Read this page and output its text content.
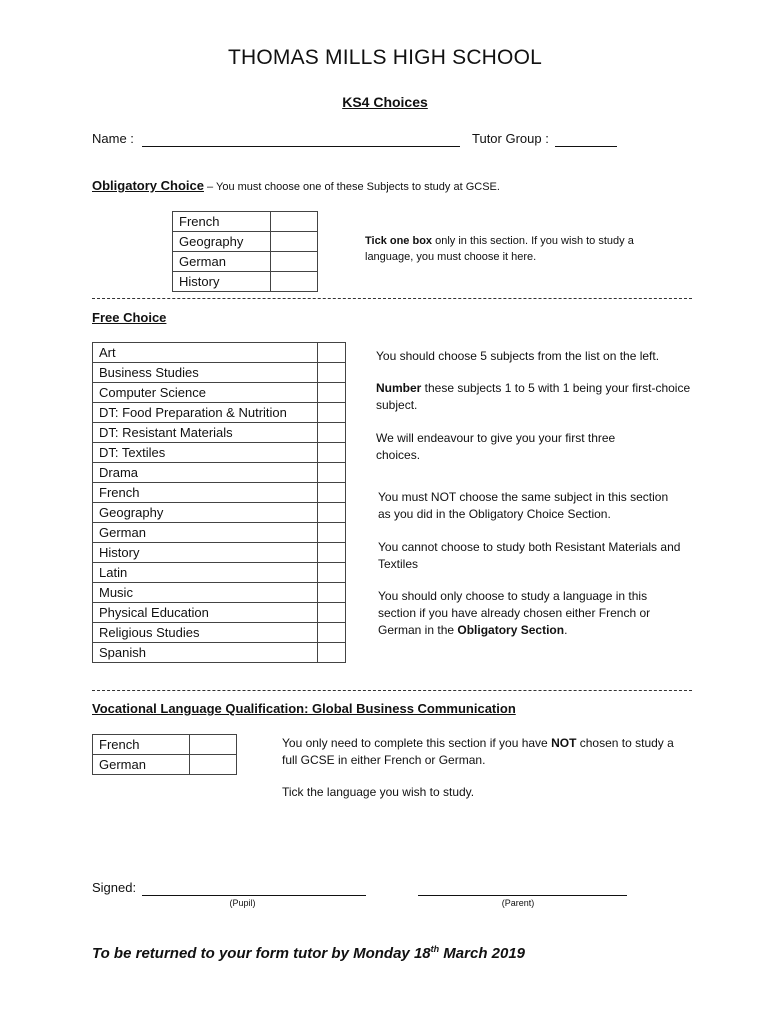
THOMAS MILLS HIGH SCHOOL
KS4 Choices
Name :	Tutor Group :
Obligatory Choice – You must choose one of these Subjects to study at GCSE.
French	
Geography	
German	
History	
Tick one box only in this section. If you wish to study a language, you must choose it here.
Free Choice
Art	
Business Studies	
Computer Science	
DT: Food Preparation & Nutrition	
DT: Resistant Materials	
DT: Textiles	
Drama	
French	
Geography	
German	
History	
Latin	
Music	
Physical Education	
Religious Studies	
Spanish	
You should choose 5 subjects from the list on the left.
Number these subjects 1 to 5 with 1 being your first-choice subject.
We will endeavour to give you your first three choices.
You must NOT choose the same subject in this section as you did in the Obligatory Choice Section.
You cannot choose to study both Resistant Materials and Textiles
You should only choose to study a language in this section if you have already chosen either French or German in the Obligatory Section.
Vocational Language Qualification: Global Business Communication
French	
German	
You only need to complete this section if you have NOT chosen to study a full GCSE in either French or German.
Tick the language you wish to study.
Signed:

(Pupil)	(Parent)
To be returned to your form tutor by Monday 18th March 2019
